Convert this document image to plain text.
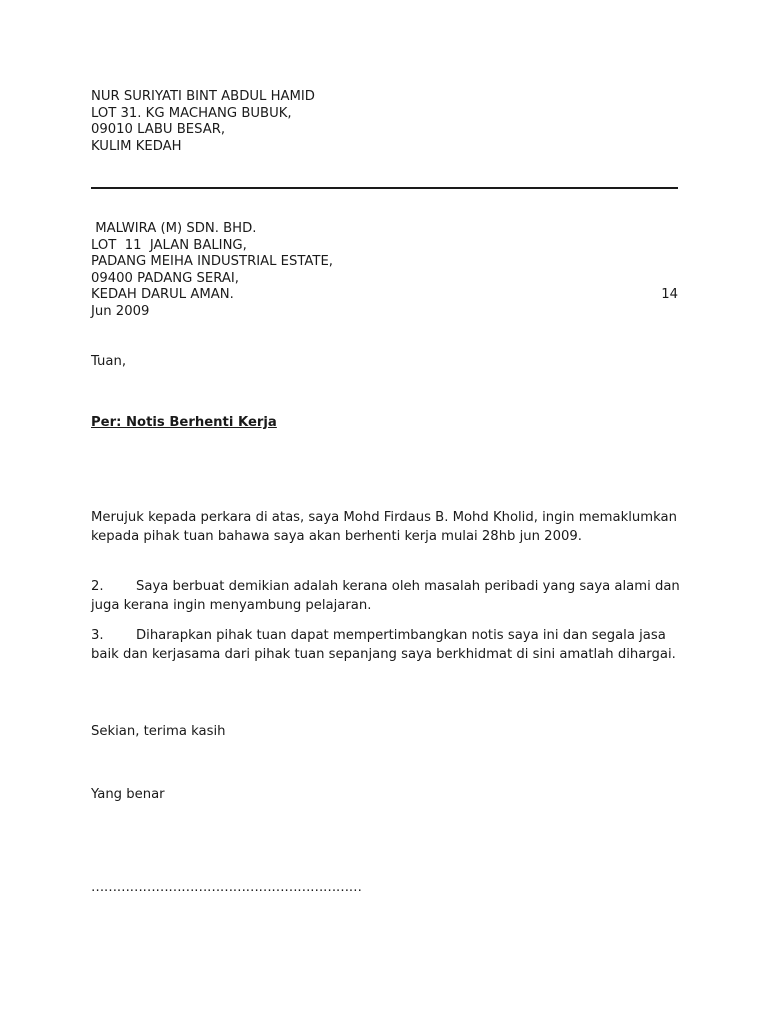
NUR SURIYATI BINT ABDUL HAMID
LOT 31. KG MACHANG BUBUK,
09010 LABU BESAR,
KULIM KEDAH
MALWIRA (M) SDN. BHD.
LOT  11  JALAN BALING,
PADANG MEIHA INDUSTRIAL ESTATE,
09400 PADANG SERAI,
KEDAH DARUL AMAN.	14
Jun 2009
Tuan,
Per: Notis Berhenti Kerja
Merujuk kepada perkara di atas, saya Mohd Firdaus B. Mohd Kholid, ingin memaklumkan kepada pihak tuan bahawa saya akan berhenti kerja mulai 28hb jun 2009.
2. Saya berbuat demikian adalah kerana oleh masalah peribadi yang saya alami dan juga kerana ingin menyambung pelajaran.
3. Diharapkan pihak tuan dapat mempertimbangkan notis saya ini dan segala jasa baik dan kerjasama dari pihak tuan sepanjang saya berkhidmat di sini amatlah dihargai.
Sekian, terima kasih
Yang benar
………………………………………………………
